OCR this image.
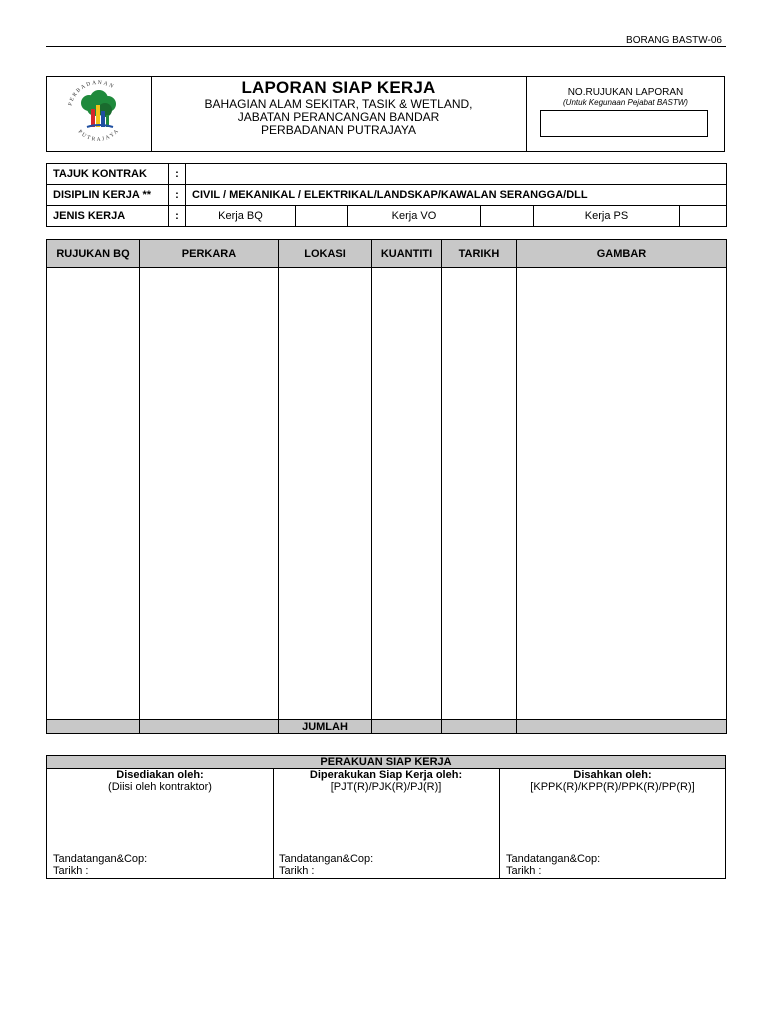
BORANG BASTW-06
PERBADANAN
PUTRAJAYA
LAPORAN SIAP KERJA
BAHAGIAN ALAM SEKITAR, TASIK & WETLAND,
JABATAN PERANCANGAN BANDAR
PERBADANAN PUTRAJAYA
NO.RUJUKAN LAPORAN
(Untuk Kegunaan Pejabat BASTW)
TAJUK KONTRAK	:						
DISIPLIN KERJA **	:	CIVIL / MEKANIKAL / ELEKTRIKAL/LANDSKAP/KAWALAN SERANGGA/DLL					
JENIS KERJA	:	Kerja BQ		Kerja VO		Kerja PS	
RUJUKAN BQ	PERKARA	LOKASI	KUANTITI	TARIKH	GAMBAR

		JUMLAH			
PERAKUAN SIAP KERJA
Disediakan oleh:
(Diisi oleh kontraktor)
Tandatangan&Cop:
Tarikh :
Diperakukan Siap Kerja oleh:
[PJT(R)/PJK(R)/PJ(R)]
Tandatangan&Cop:
Tarikh :
Disahkan oleh:
[KPPK(R)/KPP(R)/PPK(R)/PP(R)]
Tandatangan&Cop:
Tarikh :
